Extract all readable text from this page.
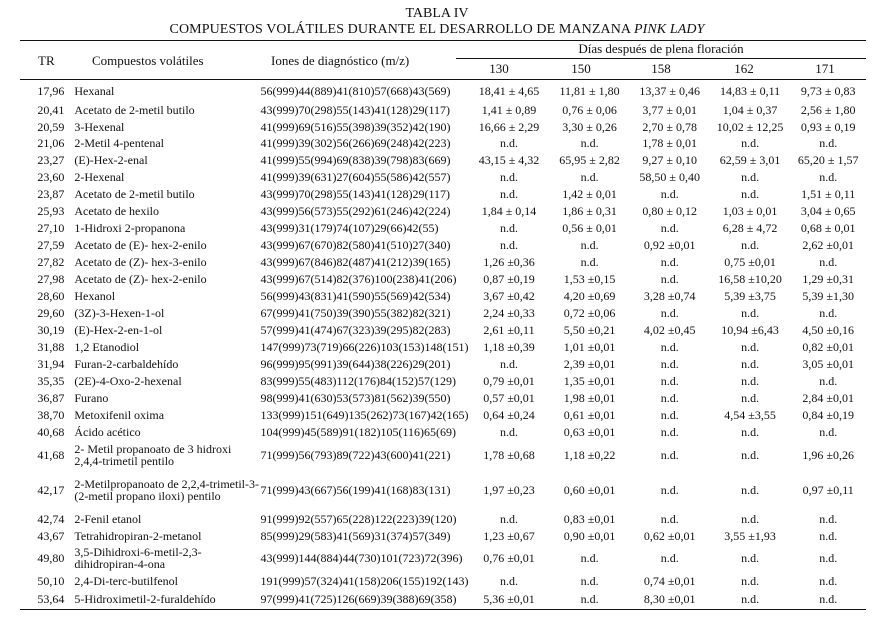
TABLA IV
COMPUESTOS VOLÁTILES DURANTE EL DESARROLLO DE MANZANA PINK LADY
TR	Compuestos volátiles	Iones de diagnóstico (m/z)
Días después de plena floración
130	150	158	162	171
17,96	Hexanal	56(999)44(889)41(810)57(668)43(569)	18,41 ± 4,65	11,81 ± 1,80	13,37 ± 0,46	14,83 ± 0,11	9,73 ± 0,83
20,41	Acetato de 2-metil butilo	43(999)70(298)55(143)41(128)29(117)	1,41 ± 0,89	0,76 ± 0,06	3,77 ± 0,01	1,04 ± 0,37	2,56 ± 1,80
20,59	3-Hexenal	41(999)69(516)55(398)39(352)42(190)	16,66 ± 2,29	3,30 ± 0,26	2,70 ± 0,78	10,02 ± 12,25	0,93 ± 0,19
21,06	2-Metil 4-pentenal	41(999)39(302)56(266)69(248)42(223)	n.d.	n.d.	1,78 ± 0,01	n.d.	n.d.
23,27	(E)-Hex-2-enal	41(999)55(994)69(838)39(798)83(669)	43,15 ± 4,32	65,95 ± 2,82	9,27 ± 0,10	62,59 ± 3,01	65,20 ± 1,57
23,60	2-Hexenal	41(999)39(631)27(604)55(586)42(557)	n.d.	n.d.	58,50 ± 0,40	n.d.	n.d.
23,87	Acetato de 2-metil butilo	43(999)70(298)55(143)41(128)29(117)	n.d.	1,42 ± 0,01	n.d.	n.d.	1,51 ± 0,11
25,93	Acetato de hexilo	43(999)56(573)55(292)61(246)42(224)	1,84 ± 0,14	1,86 ± 0,31	0,80 ± 0,12	1,03 ± 0,01	3,04 ± 0,65
27,10	1-Hidroxi 2-propanona	43(999)31(179)74(107)29(66)42(55)	n.d.	0,56 ± 0,01	n.d.	6,28 ± 4,72	0,68 ± 0,01
27,59	Acetato de (E)- hex-2-enilo	43(999)67(670)82(580)41(510)27(340)	n.d.	n.d.	0,92 ±0,01	n.d.	2,62 ±0,01
27,82	Acetato de (Z)- hex-3-enilo	43(999)67(846)82(487)41(212)39(165)	1,26 ±0,36	n.d.	n.d.	0,75 ±0,01	n.d.
27,98	Acetato de (Z)- hex-2-enilo	43(999)67(514)82(376)100(238)41(206)	0,87 ±0,19	1,53 ±0,15	n.d.	16,58 ±10,20	1,29 ±0,31
28,60	Hexanol	56(999)43(831)41(590)55(569)42(534)	3,67 ±0,42	4,20 ±0,69	3,28 ±0,74	5,39 ±3,75	5,39 ±1,30
29,60	(3Z)-3-Hexen-1-ol	67(999)41(750)39(390)55(382)82(321)	2,24 ±0,33	0,72 ±0,06	n.d.	n.d.	n.d.
30,19	(E)-Hex-2-en-1-ol	57(999)41(474)67(323)39(295)82(283)	2,61 ±0,11	5,50 ±0,21	4,02 ±0,45	10,94 ±6,43	4,50 ±0,16
31,88	1,2 Etanodiol	147(999)73(719)66(226)103(153)148(151)	1,18 ±0,39	1,01 ±0,01	n.d.	n.d.	0,82 ±0,01
31,94	Furan-2-carbaldehído	96(999)95(991)39(644)38(226)29(201)	n.d.	2,39 ±0,01	n.d.	n.d.	3,05 ±0,01
35,35	(2E)-4-Oxo-2-hexenal	83(999)55(483)112(176)84(152)57(129)	0,79 ±0,01	1,35 ±0,01	n.d.	n.d.	n.d.
36,87	Furano	98(999)41(630)53(573)81(562)39(550)	0,57 ±0,01	1,98 ±0,01	n.d.	n.d.	2,84 ±0,01
38,70	Metoxifenil oxima	133(999)151(649)135(262)73(167)42(165)	0,64 ±0,24	0,61 ±0,01	n.d.	4,54 ±3,55	0,84 ±0,19
40,68	Ácido acético	104(999)45(589)91(182)105(116)65(69)	n.d.	0,63 ±0,01	n.d.	n.d.	n.d.
41,68	2- Metil propanoato de 3 hidroxi 2,4,4-trimetil pentilo	71(999)56(793)89(722)43(600)41(221)	1,78 ±0,68	1,18 ±0,22	n.d.	n.d.	1,96 ±0,26
42,17	2-Metilpropanoato de 2,2,4-trimetil-3-(2-metil propano iloxi) pentilo	71(999)43(667)56(199)41(168)83(131)	1,97 ±0,23	0,60 ±0,01	n.d.	n.d.	0,97 ±0,11
42,74	2-Fenil etanol	91(999)92(557)65(228)122(223)39(120)	n.d.	0,83 ±0,01	n.d.	n.d.	n.d.
43,67	Tetrahidropiran-2-metanol	85(999)29(583)41(569)31(374)57(349)	1,23 ±0,67	0,90 ±0,01	0,62 ±0,01	3,55 ±1,93	n.d.
49,80	3,5-Dihidroxi-6-metil-2,3-dihidropiran-4-ona	43(999)144(884)44(730)101(723)72(396)	0,76 ±0,01	n.d.	n.d.	n.d.	n.d.
50,10	2,4-Di-terc-butilfenol	191(999)57(324)41(158)206(155)192(143)	n.d.	n.d.	0,74 ±0,01	n.d.	n.d.
53,64	5-Hidroximetil-2-furaldehído	97(999)41(725)126(669)39(388)69(358)	5,36 ±0,01	n.d.	8,30 ±0,01	n.d.	n.d.
